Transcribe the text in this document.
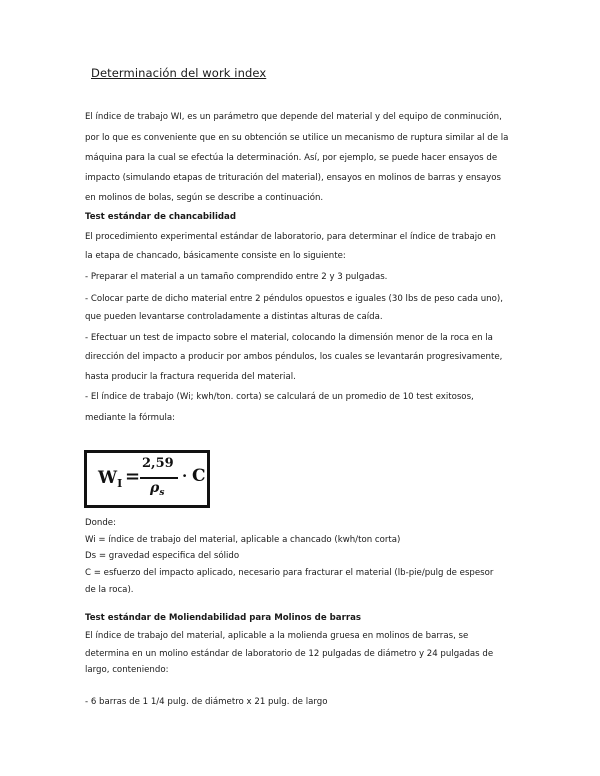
Determinación del work index
El índice de trabajo WI, es un parámetro que depende del material y del equipo de conminución,
por lo que es conveniente que en su obtención se utilice un mecanismo de ruptura similar al de la
máquina para la cual se efectúa la determinación. Así, por ejemplo, se puede hacer ensayos de
impacto (simulando etapas de trituración del material), ensayos en molinos de barras y ensayos
en molinos de bolas, según se describe a continuación.
Test estándar de chancabilidad
El procedimiento experimental estándar de laboratorio, para determinar el índice de trabajo en
la etapa de chancado, básicamente consiste en lo siguiente:
- Preparar el material a un tamaño comprendido entre 2 y 3 pulgadas.
- Colocar parte de dicho material entre 2 péndulos opuestos e iguales (30 lbs de peso cada uno),
que pueden levantarse controladamente a distintas alturas de caída.
- Efectuar un test de impacto sobre el material, colocando la dimensión menor de la roca en la
dirección del impacto a producir por ambos péndulos, los cuales se levantarán progresivamente,
hasta producir la fractura requerida del material.
- El índice de trabajo (Wi; kwh/ton. corta) se calculará de un promedio de 10 test exitosos,
mediante la fórmula:
$W_I$ =
2,59
$\rho_s$
· C
Donde:
Wi = índice de trabajo del material, aplicable a chancado (kwh/ton corta)
Ds = gravedad especifica del sólido
C = esfuerzo del impacto aplicado, necesario para fracturar el material (lb-pie/pulg de espesor
de la roca).
Test estándar de Moliendabilidad para Molinos de barras
El índice de trabajo del material, aplicable a la molienda gruesa en molinos de barras, se
determina en un molino estándar de laboratorio de 12 pulgadas de diámetro y 24 pulgadas de
largo, conteniendo:
- 6 barras de 1 1/4 pulg. de diámetro x 21 pulg. de largo
